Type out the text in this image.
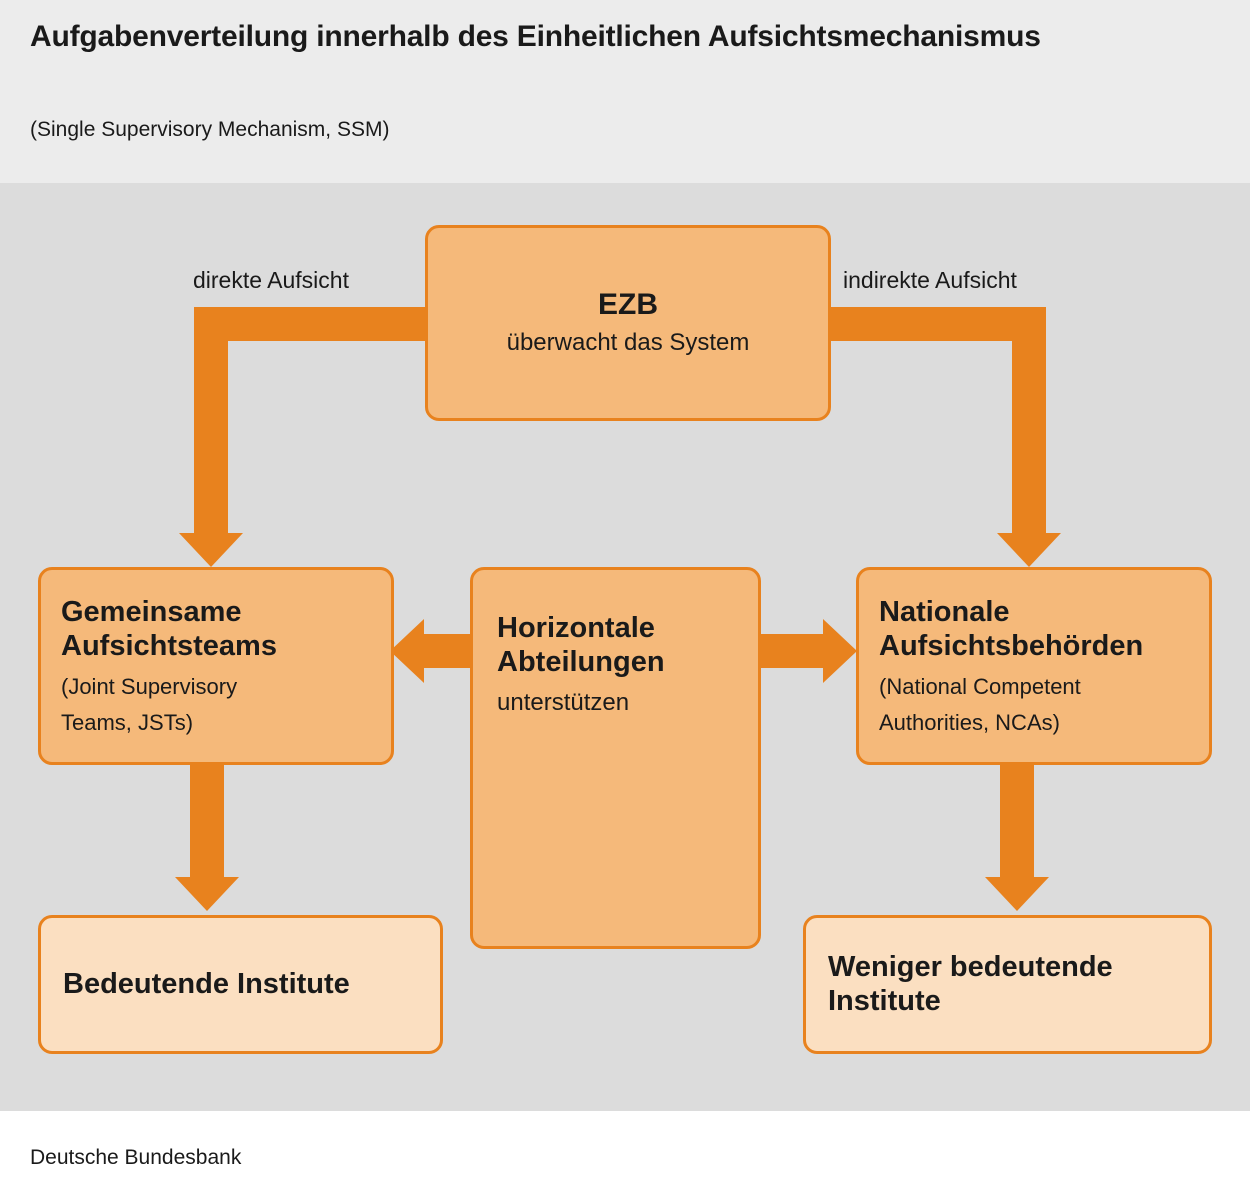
Aufgabenverteilung innerhalb des Einheitlichen Aufsichtsmechanismus
(Single Supervisory Mechanism, SSM)
direkte Aufsicht	indirekte Aufsicht
EZB
überwacht das System
Gemeinsame
Aufsichtsteams
(Joint Supervisory
Teams, JSTs)
Horizontale
Abteilungen
unterstützen
Nationale
Aufsichtsbehörden
(National Competent
Authorities, NCAs)
Bedeutende Institute
Weniger bedeutende
Institute
Deutsche Bundesbank
